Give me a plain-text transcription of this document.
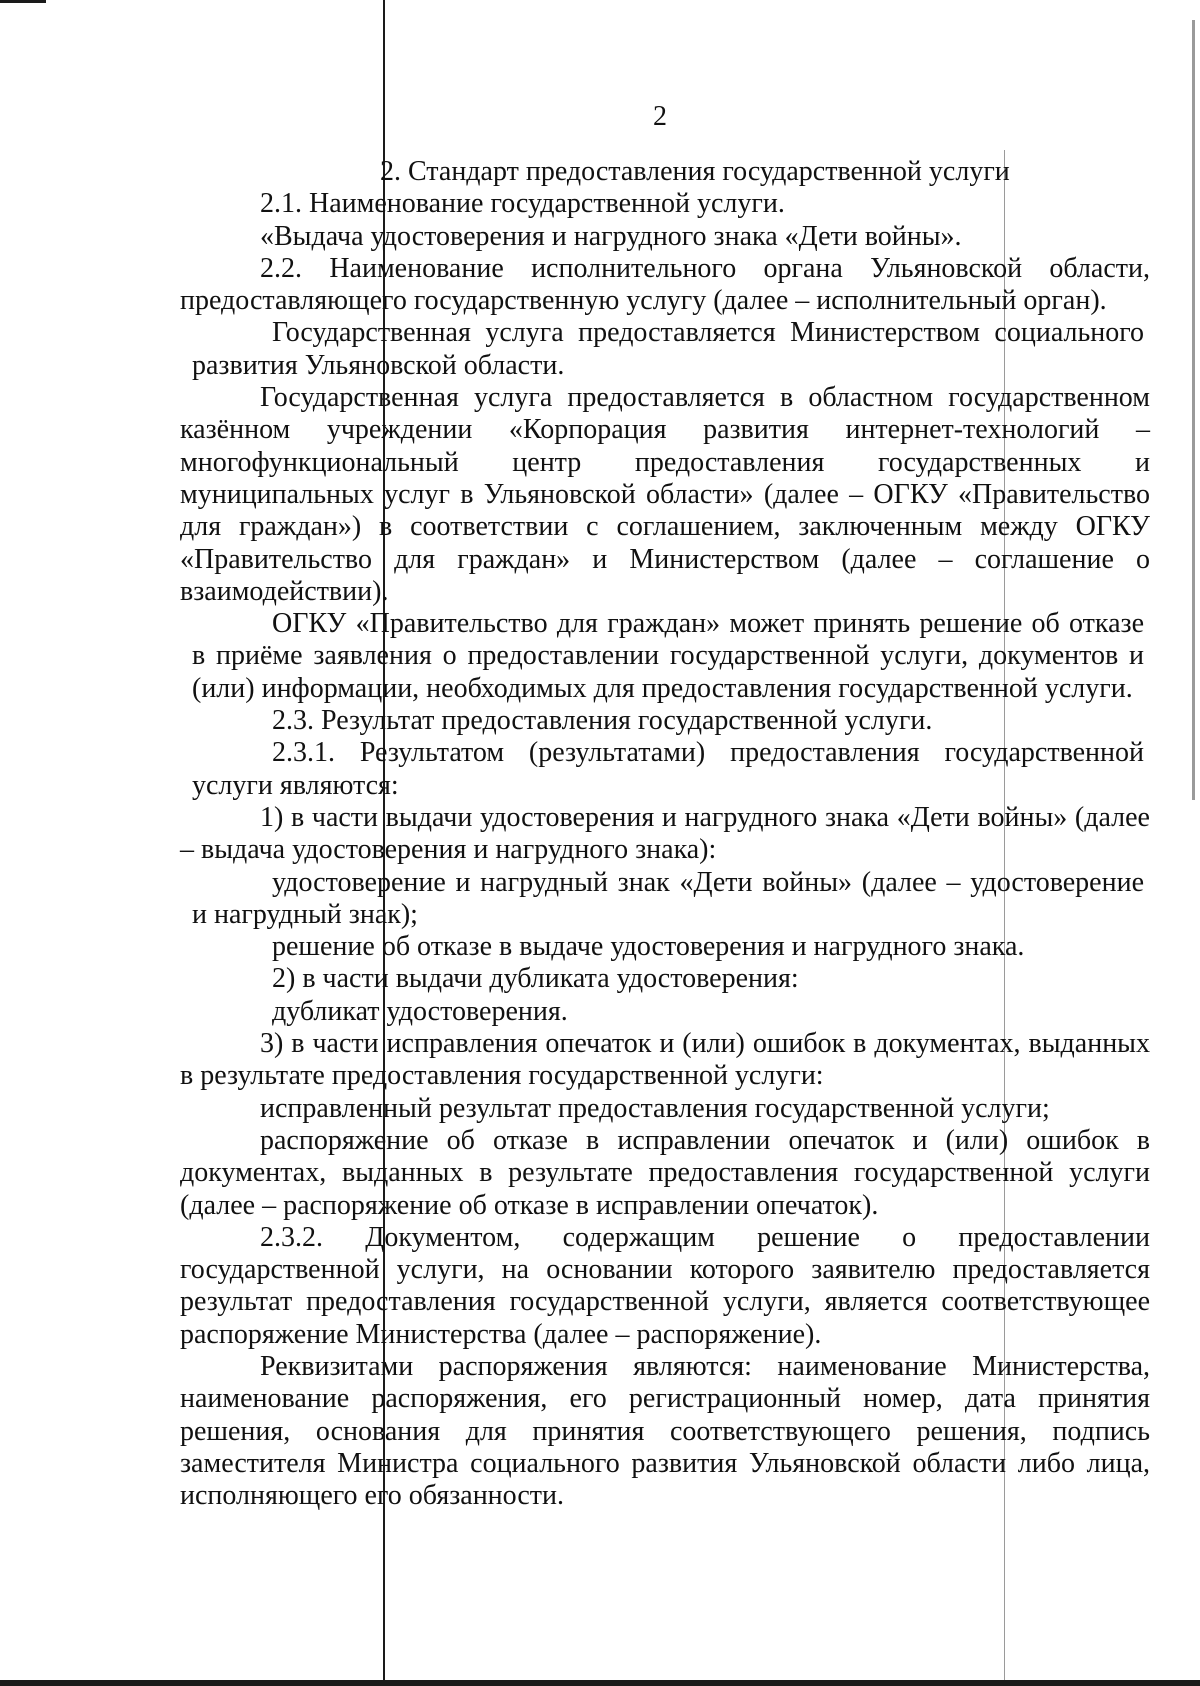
2

2. Стандарт предоставления государственной услуги

2.1. Наименование государственной услуги.

«Выдача удостоверения и нагрудного знака «Дети войны».

2.2. Наименование исполнительного органа Ульяновской области, предоставляющего государственную услугу (далее – исполнительный орган).

Государственная услуга предоставляется Министерством социального развития Ульяновской области.

Государственная услуга предоставляется в областном государственном казённом учреждении «Корпорация развития интернет-технологий – многофункциональный центр предоставления государственных и муниципальных услуг в Ульяновской области» (далее – ОГКУ «Правительство для граждан») в соответствии с соглашением, заключенным между ОГКУ «Правительство для граждан» и Министерством (далее – соглашение о взаимодействии).

ОГКУ «Правительство для граждан» может принять решение об отказе в приёме заявления о предоставлении государственной услуги, документов и (или) информации, необходимых для предоставления государственной услуги.

2.3. Результат предоставления государственной услуги.

2.3.1. Результатом (результатами) предоставления государственной услуги являются:

1) в части выдачи удостоверения и нагрудного знака «Дети войны» (далее – выдача удостоверения и нагрудного знака):

удостоверение и нагрудный знак «Дети войны» (далее – удостоверение и нагрудный знак);

решение об отказе в выдаче удостоверения и нагрудного знака.

2) в части выдачи дубликата удостоверения:

дубликат удостоверения.

3) в части исправления опечаток и (или) ошибок в документах, выданных в результате предоставления государственной услуги:

исправленный результат предоставления государственной услуги;

распоряжение об отказе в исправлении опечаток и (или) ошибок в документах, выданных в результате предоставления государственной услуги (далее – распоряжение об отказе в исправлении опечаток).

2.3.2. Документом, содержащим решение о предоставлении государственной услуги, на основании которого заявителю предоставляется результат предоставления государственной услуги, является соответствующее распоряжение Министерства (далее – распоряжение).

Реквизитами распоряжения являются: наименование Министерства, наименование распоряжения, его регистрационный номер, дата принятия решения, основания для принятия соответствующего решения, подпись заместителя Министра социального развития Ульяновской области либо лица, исполняющего его обязанности.
